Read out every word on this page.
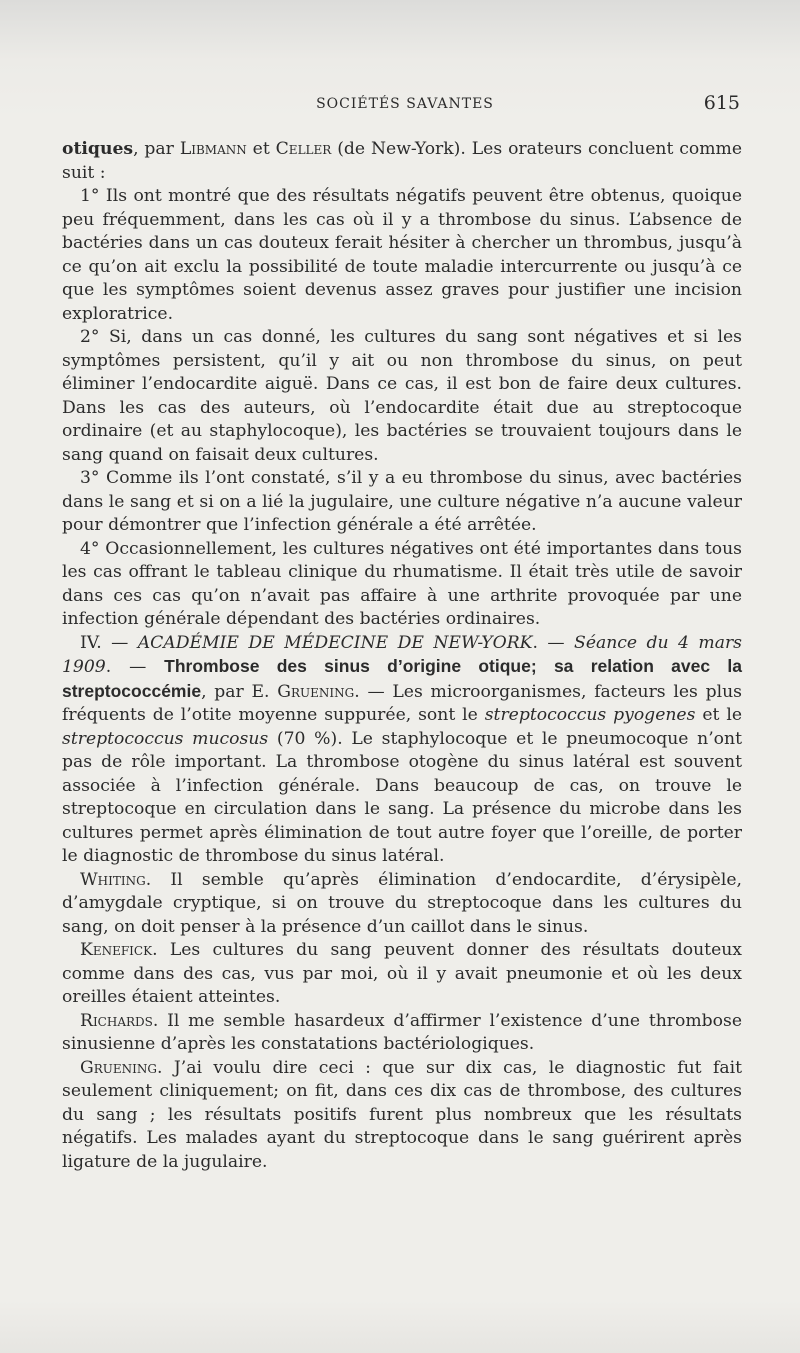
SOCIÉTÉS SAVANTES	615

otiques, par Libmann et Celler (de New-York). Les orateurs concluent comme suit :

1° Ils ont montré que des résultats négatifs peuvent être obtenus, quoique peu fréquemment, dans les cas où il y a thrombose du sinus. L’absence de bactéries dans un cas douteux ferait hésiter à chercher un thrombus, jusqu’à ce qu’on ait exclu la possibilité de toute maladie intercurrente ou jusqu’à ce que les symptômes soient devenus assez graves pour justifier une incision exploratrice.

2° Si, dans un cas donné, les cultures du sang sont négatives et si les symptômes persistent, qu’il y ait ou non thrombose du sinus, on peut éliminer l’endocardite aiguë. Dans ce cas, il est bon de faire deux cultures. Dans les cas des auteurs, où l’endocardite était due au streptocoque ordinaire (et au staphylocoque), les bactéries se trouvaient toujours dans le sang quand on faisait deux cultures.

3° Comme ils l’ont constaté, s’il y a eu thrombose du sinus, avec bactéries dans le sang et si on a lié la jugulaire, une culture négative n’a aucune valeur pour démontrer que l’infection générale a été arrêtée.

4° Occasionnellement, les cultures négatives ont été importantes dans tous les cas offrant le tableau clinique du rhumatisme. Il était très utile de savoir dans ces cas qu’on n’avait pas affaire à une arthrite provoquée par une infection générale dépendant des bactéries ordinaires.

IV. — ACADÉMIE DE MÉDECINE DE NEW-YORK. — Séance du 4 mars 1909. — Thrombose des sinus d’origine otique; sa relation avec la streptococcémie, par E. Gruening. — Les microorganismes, facteurs les plus fréquents de l’otite moyenne suppurée, sont le streptococcus pyogenes et le streptococcus mucosus (70 %). Le staphylocoque et le pneumocoque n’ont pas de rôle important. La thrombose otogène du sinus latéral est souvent associée à l’infection générale. Dans beaucoup de cas, on trouve le streptocoque en circulation dans le sang. La présence du microbe dans les cultures permet après élimination de tout autre foyer que l’oreille, de porter le diagnostic de thrombose du sinus latéral.

Whiting. Il semble qu’après élimination d’endocardite, d’érysipèle, d’amygdale cryptique, si on trouve du streptocoque dans les cultures du sang, on doit penser à la présence d’un caillot dans le sinus.

Kenefick. Les cultures du sang peuvent donner des résultats douteux comme dans des cas, vus par moi, où il y avait pneumonie et où les deux oreilles étaient atteintes.

Richards. Il me semble hasardeux d’affirmer l’existence d’une thrombose sinusienne d’après les constatations bactériologiques.

Gruening. J’ai voulu dire ceci : que sur dix cas, le diagnostic fut fait seulement cliniquement; on fit, dans ces dix cas de thrombose, des cultures du sang ; les résultats positifs furent plus nombreux que les résultats négatifs. Les malades ayant du streptocoque dans le sang guérirent après ligature de la jugulaire.
